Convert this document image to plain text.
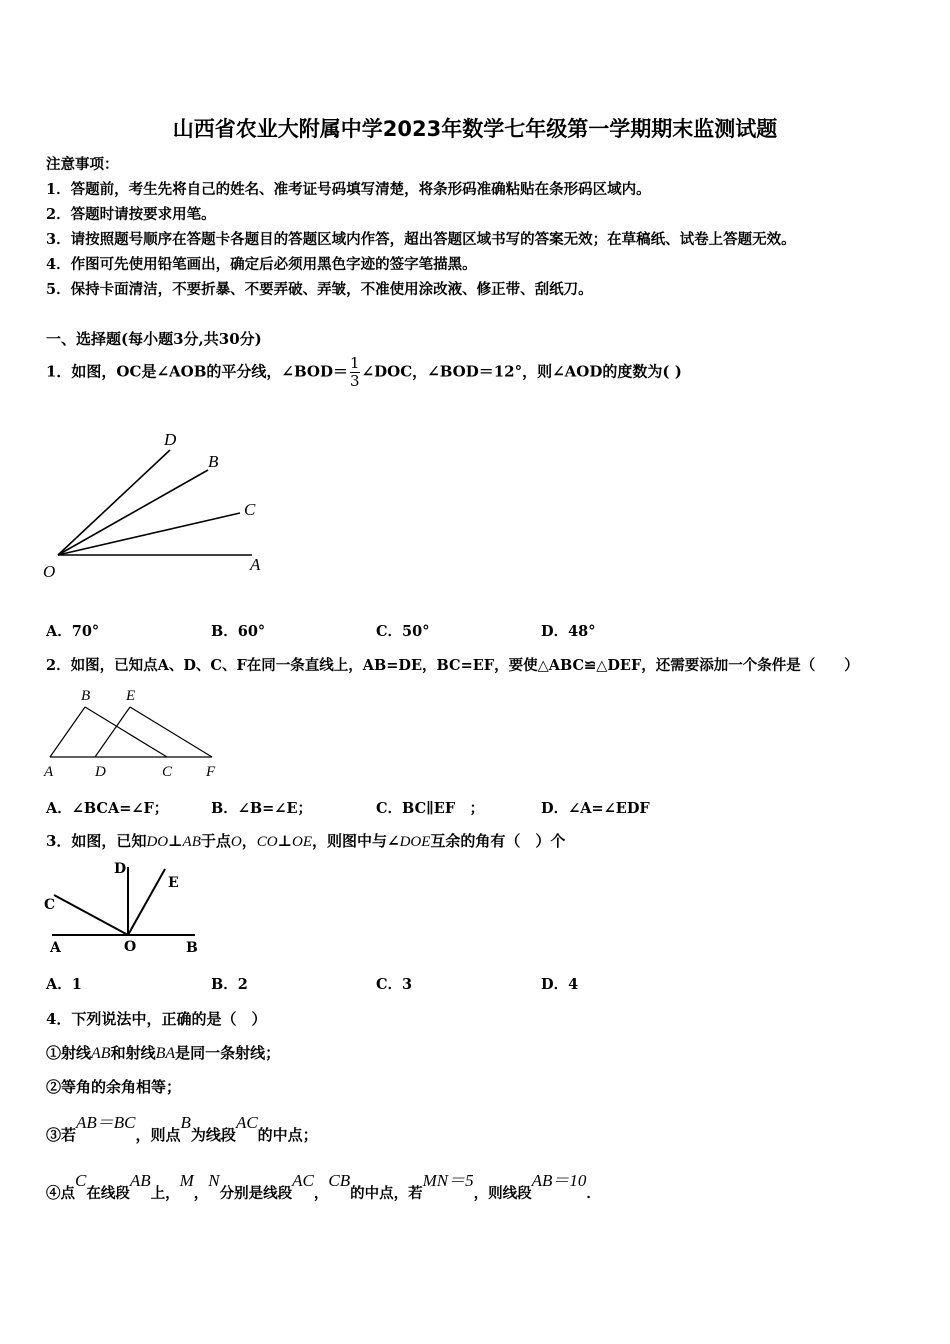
山西省农业大附属中学2023年数学七年级第一学期期末监测试题
注意事项：
1．答题前，考生先将自己的姓名、准考证号码填写清楚，将条形码准确粘贴在条形码区域内。
2．答题时请按要求用笔。
3．请按照题号顺序在答题卡各题目的答题区域内作答，超出答题区域书写的答案无效；在草稿纸、试卷上答题无效。
4．作图可先使用铅笔画出，确定后必须用黑色字迹的签字笔描黑。
5．保持卡面清洁，不要折暴、不要弄破、弄皱，不准使用涂改液、修正带、刮纸刀。
一、选择题(每小题3分,共30分)
1．如图，OC是∠AOB的平分线，∠BOD＝ $\frac{1}{3}$ ∠DOC，∠BOD＝12°，则∠AOD的度数为( )
D
B
C
O	A
A．70°	B．60°	C．50°	D．48°
2．如图，已知点A、D、C、F在同一条直线上，AB=DE，BC=EF，要使△ABC≌△DEF，还需要添加一个条件是（　　）
B E
A	D	C F
A．∠BCA=∠F；	B．∠B=∠E；	C．BC∥EF　；	D．∠A=∠EDF
3．如图，已知DO⊥AB于点O，CO⊥OE，则图中与∠DOE互余的角有（　）个
D
E
C
A	O	B
A．1	B．2	C．3	D．4
4．下列说法中，正确的是（　）
①射线AB和射线BA是同一条射线；
②等角的余角相等；
③若AB＝BC，则点B为线段AC的中点；
④点C在线段AB上，M，N分别是线段AC，CB的中点，若MN＝5，则线段AB＝10．
